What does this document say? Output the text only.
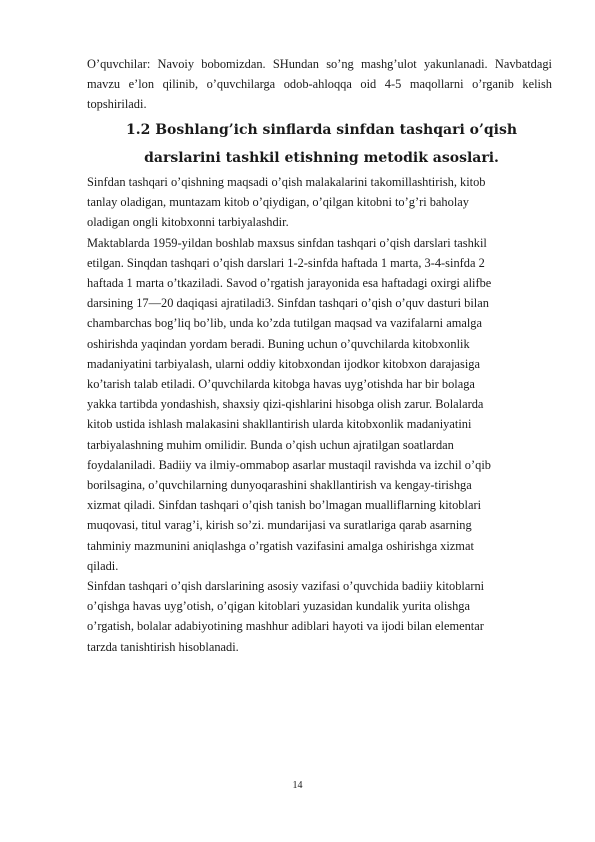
O’quvchilar: Navoiy bobomizdan. SHundan so’ng mashg’ulot yakunlanadi. Navbatdagi mavzu e’lon qilinib, o’quvchilarga odob-ahloqqa oid 4-5 maqollarni o’rganib kelish topshiriladi.

1.2 Boshlang’ich sinflarda sinfdan tashqari o’qish darslarini tashkil etishning metodik asoslari.
Sinfdan tashqari o’qishning maqsadi o’qish malakalarini takomillashtirish, kitob
tanlay oladigan, muntazam kitob o’qiydigan, o’qilgan kitobni to’g’ri baholay
oladigan ongli kitobxonni tarbiyalashdir.
Maktablarda 1959-yildan boshlab maxsus sinfdan tashqari o’qish darslari tashkil
etilgan. Sinqdan tashqari o’qish darslari 1-2-sinfda haftada 1 marta, 3-4-sinfda 2
haftada 1 marta o’tkaziladi. Savod o’rgatish jarayonida esa haftadagi oxirgi alifbe
darsining 17—20 daqiqasi ajratiladi3. Sinfdan tashqari o’qish o’quv dasturi bilan
chambarchas bog’liq bo’lib, unda ko’zda tutilgan maqsad va vazifalarni amalga
oshirishda yaqindan yordam beradi. Buning uchun o’quvchilarda kitobxonlik
madaniyatini tarbiyalash, ularni oddiy kitobxondan ijodkor kitobxon darajasiga
ko’tarish talab etiladi. O’quvchilarda kitobga havas uyg’otishda har bir bolaga
yakka tartibda yondashish, shaxsiy qizi-qishlarini hisobga olish zarur. Bolalarda
kitob ustida ishlash malakasini shakllantirish ularda kitobxonlik madaniyatini
tarbiyalashning muhim omilidir. Bunda o’qish uchun ajratilgan soatlardan
foydalaniladi. Badiiy va ilmiy-ommabop asarlar mustaqil ravishda va izchil o’qib
borilsagina, o’quvchilarning dunyoqarashini shakllantirish va kengay-tirishga
xizmat qiladi. Sinfdan tashqari o’qish tanish bo’lmagan mualliflarning kitoblari
muqovasi, titul varag’i, kirish so’zi. mundarijasi va suratlariga qarab asarning
tahminiy mazmunini aniqlashga o’rgatish vazifasini amalga oshirishga xizmat
qiladi.
Sinfdan tashqari o’qish darslarining asosiy vazifasi o’quvchida badiiy kitoblarni
o’qishga havas uyg’otish, o’qigan kitoblari yuzasidan kundalik yurita olishga
o’rgatish, bolalar adabiyotining mashhur adiblari hayoti va ijodi bilan elementar
tarzda tanishtirish hisoblanadi.
14
